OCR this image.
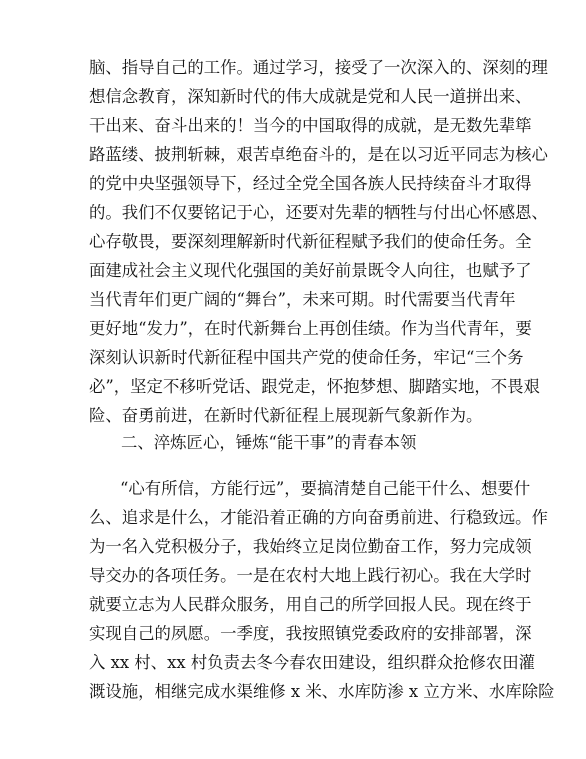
脑、指导自己的工作。通过学习，接受了一次深入的、深刻的理
想信念教育，深知新时代的伟大成就是党和人民一道拼出来、
干出来、奋斗出来的！当今的中国取得的成就，是无数先辈筚
路蓝缕、披荆斩棘，艰苦卓绝奋斗的，是在以习近平同志为核心
的党中央坚强领导下，经过全党全国各族人民持续奋斗才取得
的。我们不仅要铭记于心，还要对先辈的牺牲与付出心怀感恩、
心存敬畏，要深刻理解新时代新征程赋予我们的使命任务。全
面建成社会主义现代化强国的美好前景既令人向往，也赋予了
当代青年们更广阔的“舞台”，未来可期。时代需要当代青年
更好地“发力”，在时代新舞台上再创佳绩。作为当代青年，要
深刻认识新时代新征程中国共产党的使命任务，牢记“三个务
必”，坚定不移听党话、跟党走，怀抱梦想、脚踏实地，不畏艰
险、奋勇前进，在新时代新征程上展现新气象新作为。
二、淬炼匠心，锤炼“能干事”的青春本领
“心有所信，方能行远”，要搞清楚自己能干什么、想要什
么、追求是什么，才能沿着正确的方向奋勇前进、行稳致远。作
为一名入党积极分子，我始终立足岗位勤奋工作，努力完成领
导交办的各项任务。一是在农村大地上践行初心。我在大学时
就要立志为人民群众服务，用自己的所学回报人民。现在终于
实现自己的夙愿。一季度，我按照镇党委政府的安排部署，深
入 xx 村、xx 村负责去冬今春农田建设，组织群众抢修农田灌
溉设施，相继完成水渠维修 x 米、水库防渗 x 立方米、水库除险
